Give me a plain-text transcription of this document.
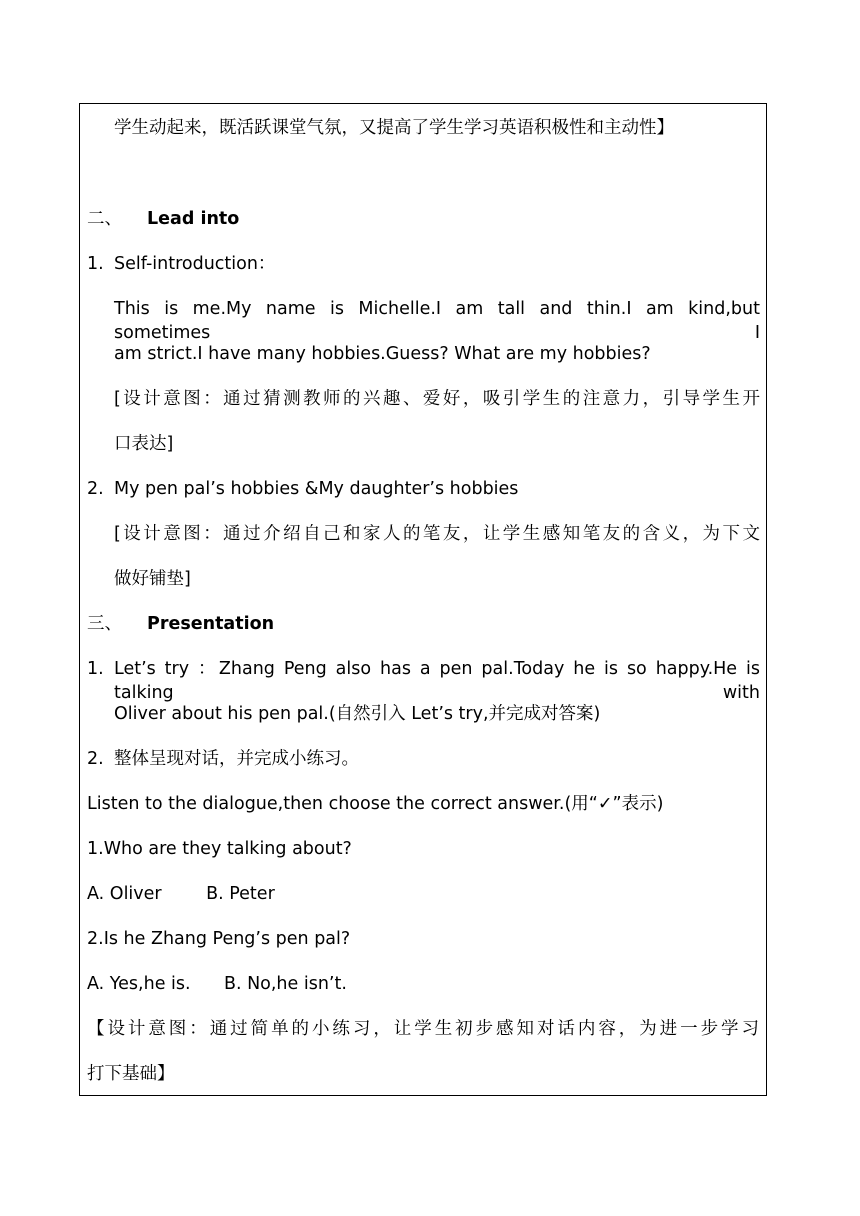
学生动起来，既活跃课堂气氛，又提高了学生学习英语积极性和主动性】
二、 Lead into
1. Self-introduction：
This is me.My name is Michelle.I am tall and thin.I am kind,but sometimes I
am strict.I have many hobbies.Guess? What are my hobbies?
[设计意图：通过猜测教师的兴趣、爱好，吸引学生的注意力，引导学生开
口表达]
2. My pen pal’s hobbies &My daughter’s hobbies
[设计意图：通过介绍自己和家人的笔友，让学生感知笔友的含义，为下文
做好铺垫]
三、 Presentation
1. Let’s try ：Zhang Peng also has a pen pal.Today he is so happy.He is talking with
Oliver about his pen pal.(自然引入 Let’s try,并完成对答案)
2. 整体呈现对话，并完成小练习。
Listen to the dialogue,then choose the correct answer.(用“✓”表示)
1.Who are they talking about?
A. Oliver        B. Peter
2.Is he Zhang Peng’s pen pal?
A. Yes,he is.      B. No,he isn’t.
【设计意图：通过简单的小练习，让学生初步感知对话内容，为进一步学习
打下基础】
